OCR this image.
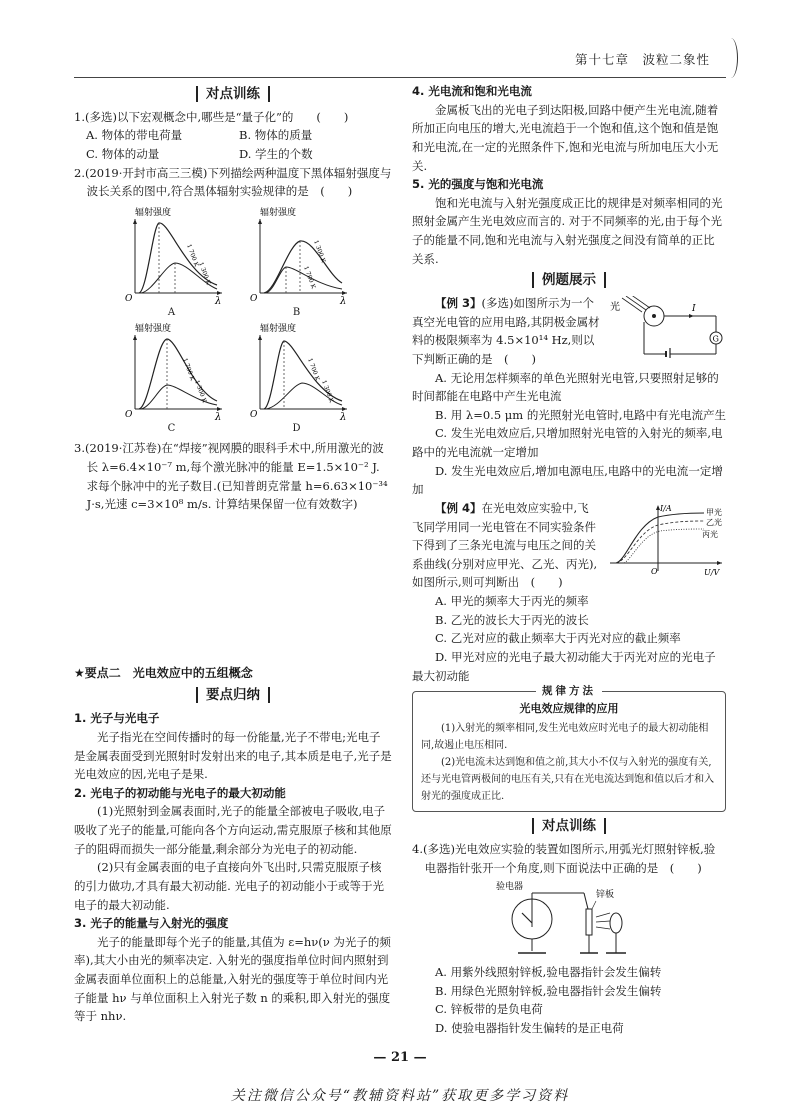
第十七章　波粒二象性
对点训练

1.(多选)以下宏观概念中,哪些是“量子化”的　　(　　)

A. 物体的带电荷量	B. 物体的质量
C. 物体的动量	D. 学生的个数

2.(2019·开封市高三三模)下列描绘两种温度下黑体辐射强度与波长关系的图中,符合黑体辐射实验规律的是　(　　)

辐射强度
1 700 K
1 300 K
O	λ
A
辐射强度
1 300 K
1 700 K
O	λ
B
辐射强度
1 700 K
1 300 K
O	λ
C
辐射强度
1 700 K
1 300 K
O	λ
D

3.(2019·江苏卷)在“焊接”视网膜的眼科手术中,所用激光的波长 λ=6.4×10⁻⁷ m,每个激光脉冲的能量 E=1.5×10⁻² J. 求每个脉冲中的光子数目.(已知普朗克常量 h=6.63×10⁻³⁴ J·s,光速 c=3×10⁸ m/s. 计算结果保留一位有效数字)

★要点二　光电效应中的五组概念
要点归纳

1. 光子与光电子

光子指光在空间传播时的每一份能量,光子不带电;光电子是金属表面受到光照射时发射出来的电子,其本质是电子,光子是光电效应的因,光电子是果.

2. 光电子的初动能与光电子的最大初动能

(1)光照射到金属表面时,光子的能量全部被电子吸收,电子吸收了光子的能量,可能向各个方向运动,需克服原子核和其他原子的阻碍而损失一部分能量,剩余部分为光电子的初动能.

(2)只有金属表面的电子直接向外飞出时,只需克服原子核的引力做功,才具有最大初动能. 光电子的初动能小于或等于光电子的最大初动能.

3. 光子的能量与入射光的强度

光子的能量即每个光子的能量,其值为 ε=hν(ν 为光子的频率),其大小由光的频率决定. 入射光的强度指单位时间内照射到金属表面单位面积上的总能量,入射光的强度等于单位时间内光子能量 hν 与单位面积上入射光子数 n 的乘积,即入射光的强度等于 nhν.

4. 光电流和饱和光电流

金属板飞出的光电子到达阳极,回路中便产生光电流,随着所加正向电压的增大,光电流趋于一个饱和值,这个饱和值是饱和光电流,在一定的光照条件下,饱和光电流与所加电压大小无关.

5. 光的强度与饱和光电流

饱和光电流与入射光强度成正比的规律是对频率相同的光照射金属产生光电效应而言的. 对于不同频率的光,由于每个光子的能量不同,饱和光电流与入射光强度之间没有简单的正比关系.

例题展示
光	I
G

【例 3】(多选)如图所示为一个真空光电管的应用电路,其阴极金属材料的极限频率为 4.5×10¹⁴ Hz,则以下判断正确的是　(　　)

A. 无论用怎样频率的单色光照射光电管,只要照射足够的时间都能在电路中产生光电流

B. 用 λ=0.5 μm 的光照射光电管时,电路中有光电流产生

C. 发生光电效应后,只增加照射光电管的入射光的频率,电路中的光电流就一定增加

D. 发生光电效应后,增加电源电压,电路中的光电流一定增加

I/A
U/V
O
甲光
乙光
丙光

【例 4】在光电效应实验中,飞飞同学用同一光电管在不同实验条件下得到了三条光电流与电压之间的关系曲线(分别对应甲光、乙光、丙光),如图所示,则可判断出　(　　)

A. 甲光的频率大于丙光的频率

B. 乙光的波长大于丙光的波长

C. 乙光对应的截止频率大于丙光对应的截止频率

D. 甲光对应的光电子最大初动能大于丙光对应的光电子最大初动能

规律方法
光电效应规律的应用

(1)入射光的频率相同,发生光电效应时光电子的最大初动能相同,故遏止电压相同.

(2)光电流未达到饱和值之前,其大小不仅与入射光的强度有关,还与光电管两极间的电压有关,只有在光电流达到饱和值以后才和入射光的强度成正比.

对点训练

4.(多选)光电效应实验的装置如图所示,用弧光灯照射锌板,验电器指针张开一个角度,则下面说法中正确的是　(　　)

验电器
锌板

A. 用紫外线照射锌板,验电器指针会发生偏转

B. 用绿色光照射锌板,验电器指针会发生偏转

C. 锌板带的是负电荷

D. 使验电器指针发生偏转的是正电荷

— 21 —
关注微信公众号“教辅资料站”获取更多学习资料
